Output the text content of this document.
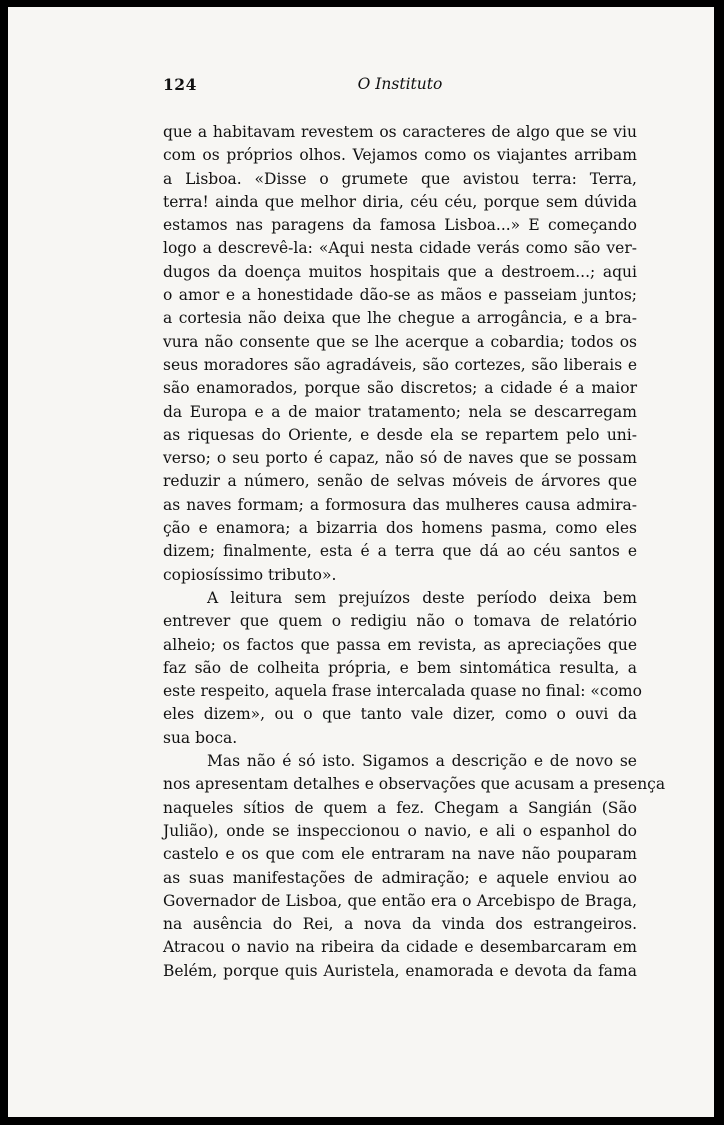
124	O Instituto
que a habitavam revestem os caracteres de algo que se viu
com os próprios olhos. Vejamos como os viajantes arribam
a Lisboa. «Disse o grumete que avistou terra: Terra,
terra! ainda que melhor diria, céu céu, porque sem dúvida
estamos nas paragens da famosa Lisboa...» E começando
logo a descrevê-la: «Aqui nesta cidade verás como são ver-
dugos da doença muitos hospitais que a destroem...; aqui
o amor e a honestidade dão-se as mãos e passeiam juntos;
a cortesia não deixa que lhe chegue a arrogância, e a bra-
vura não consente que se lhe acerque a cobardia; todos os
seus moradores são agradáveis, são cortezes, são liberais e
são enamorados, porque são discretos; a cidade é a maior
da Europa e a de maior tratamento; nela se descarregam
as riquesas do Oriente, e desde ela se repartem pelo uni-
verso; o seu porto é capaz, não só de naves que se possam
reduzir a número, senão de selvas móveis de árvores que
as naves formam; a formosura das mulheres causa admira-
ção e enamora; a bizarria dos homens pasma, como eles
dizem; finalmente, esta é a terra que dá ao céu santos e
copiosíssimo tributo».
A leitura sem prejuízos deste período deixa bem
entrever que quem o redigiu não o tomava de relatório
alheio; os factos que passa em revista, as apreciações que
faz são de colheita própria, e bem sintomática resulta, a
este respeito, aquela frase intercalada quase no final: «como
eles dizem», ou o que tanto vale dizer, como o ouvi da
sua boca.
Mas não é só isto. Sigamos a descrição e de novo se
nos apresentam detalhes e observações que acusam a presença
naqueles sítios de quem a fez. Chegam a Sangián (São
Julião), onde se inspeccionou o navio, e ali o espanhol do
castelo e os que com ele entraram na nave não pouparam
as suas manifestações de admiração; e aquele enviou ao
Governador de Lisboa, que então era o Arcebispo de Braga,
na ausência do Rei, a nova da vinda dos estrangeiros.
Atracou o navio na ribeira da cidade e desembarcaram em
Belém, porque quis Auristela, enamorada e devota da fama
